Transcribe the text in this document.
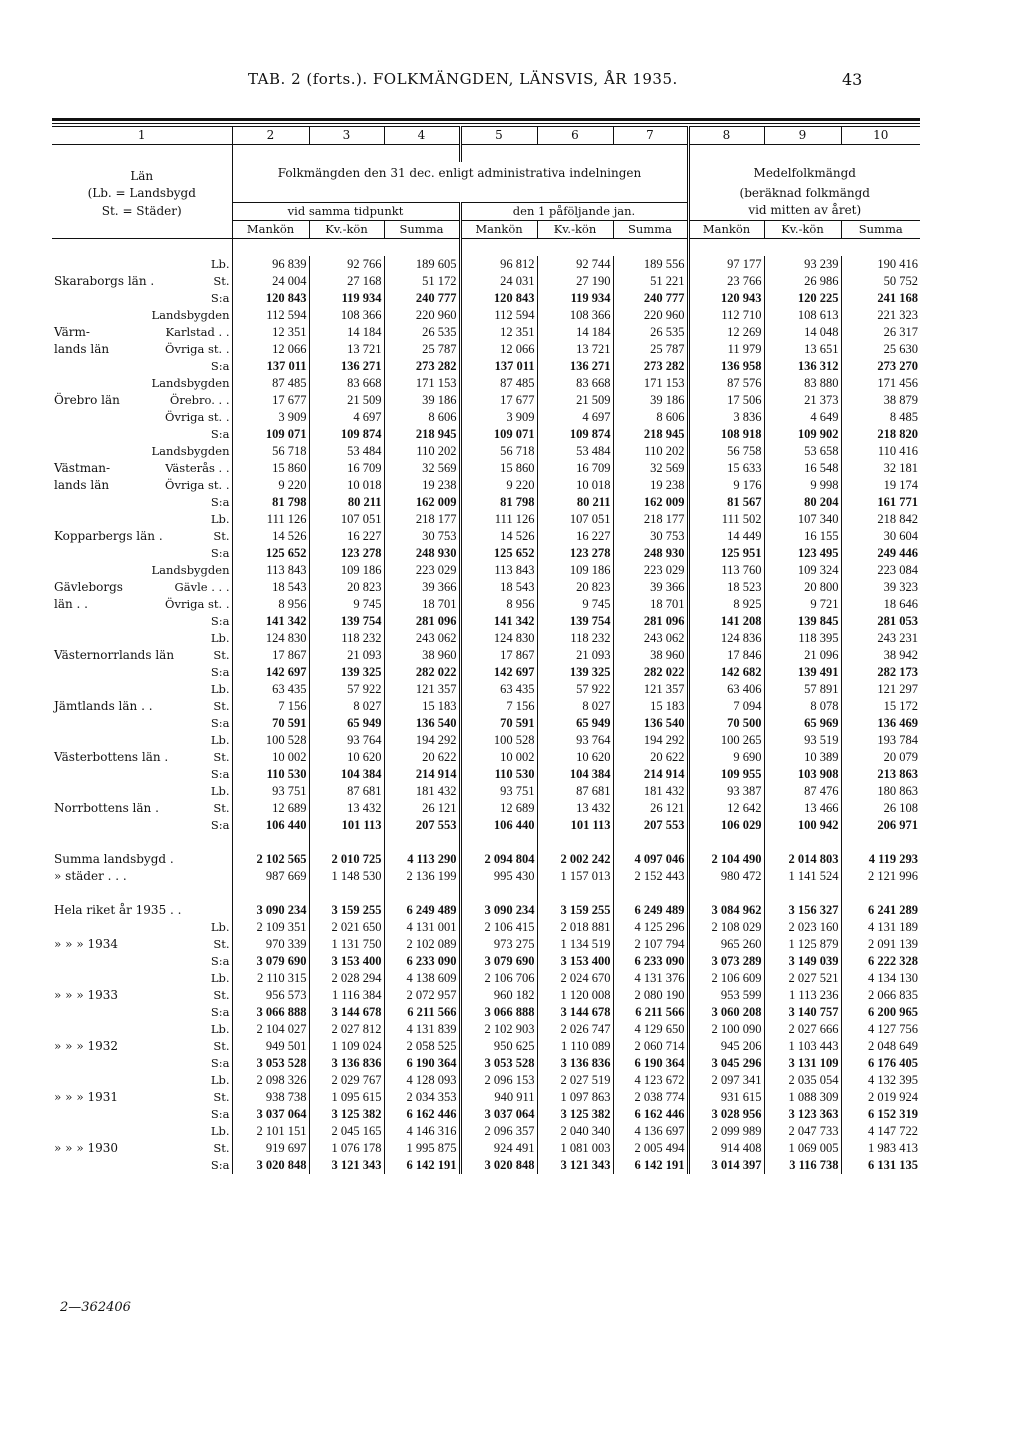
TAB. 2 (forts.). FOLKMÄNGDEN, LÄNSVIS, ÅR 1935.	43
1	2	3	4	5	6	7	8	9	10

Län	Folkmängden den 31 dec. enligt administrativa indelningen						Medelfolkmängd		
(Lb. = Landsbygd							(beräknad folkmängd		
St. = Städer)	vid samma tidpunkt			den 1 påföljande jan.			vid mitten av året)		
	Mankön	Kv.-kön	Summa	Mankön	Kv.-kön	Summa	Mankön	Kv.-kön	Summa

Lb.	96 839	92 766	189 605	96 812	92 744	189 556	97 177	93 239	190 416
Skaraborgs län . St.	24 004	27 168	51 172	24 031	27 190	51 221	23 766	26 986	50 752

S:a	120 843	119 934	240 777	120 843	119 934	240 777	120 943	120 225	241 168

Landsbygden	112 594	108 366	220 960	112 594	108 366	220 960	112 710	108 613	221 323
Värm- Karlstad . .	12 351	14 184	26 535	12 351	14 184	26 535	12 269	14 048	26 317
lands län Övriga st. .	12 066	13 721	25 787	12 066	13 721	25 787	11 979	13 651	25 630

S:a	137 011	136 271	273 282	137 011	136 271	273 282	136 958	136 312	273 270

Landsbygden	87 485	83 668	171 153	87 485	83 668	171 153	87 576	83 880	171 456
Örebro län Örebro. . .	17 677	21 509	39 186	17 677	21 509	39 186	17 506	21 373	38 879

Övriga st. .	3 909	4 697	8 606	3 909	4 697	8 606	3 836	4 649	8 485

S:a	109 071	109 874	218 945	109 071	109 874	218 945	108 918	109 902	218 820

Landsbygden	56 718	53 484	110 202	56 718	53 484	110 202	56 758	53 658	110 416
Västman- Västerås . .	15 860	16 709	32 569	15 860	16 709	32 569	15 633	16 548	32 181
lands län Övriga st. .	9 220	10 018	19 238	9 220	10 018	19 238	9 176	9 998	19 174

S:a	81 798	80 211	162 009	81 798	80 211	162 009	81 567	80 204	161 771

Lb.	111 126	107 051	218 177	111 126	107 051	218 177	111 502	107 340	218 842
Kopparbergs län . St.	14 526	16 227	30 753	14 526	16 227	30 753	14 449	16 155	30 604

S:a	125 652	123 278	248 930	125 652	123 278	248 930	125 951	123 495	249 446

Landsbygden	113 843	109 186	223 029	113 843	109 186	223 029	113 760	109 324	223 084
Gävleborgs Gävle . . .	18 543	20 823	39 366	18 543	20 823	39 366	18 523	20 800	39 323
län . . Övriga st. .	8 956	9 745	18 701	8 956	9 745	18 701	8 925	9 721	18 646

S:a	141 342	139 754	281 096	141 342	139 754	281 096	141 208	139 845	281 053

Lb.	124 830	118 232	243 062	124 830	118 232	243 062	124 836	118 395	243 231
Västernorrlands län St.	17 867	21 093	38 960	17 867	21 093	38 960	17 846	21 096	38 942

S:a	142 697	139 325	282 022	142 697	139 325	282 022	142 682	139 491	282 173

Lb.	63 435	57 922	121 357	63 435	57 922	121 357	63 406	57 891	121 297
Jämtlands län . . St.	7 156	8 027	15 183	7 156	8 027	15 183	7 094	8 078	15 172

S:a	70 591	65 949	136 540	70 591	65 949	136 540	70 500	65 969	136 469

Lb.	100 528	93 764	194 292	100 528	93 764	194 292	100 265	93 519	193 784
Västerbottens län . St.	10 002	10 620	20 622	10 002	10 620	20 622	9 690	10 389	20 079

S:a	110 530	104 384	214 914	110 530	104 384	214 914	109 955	103 908	213 863

Lb.	93 751	87 681	181 432	93 751	87 681	181 432	93 387	87 476	180 863
Norrbottens län . St.	12 689	13 432	26 121	12 689	13 432	26 121	12 642	13 466	26 108

S:a	106 440	101 113	207 553	106 440	101 113	207 553	106 029	100 942	206 971

Summa landsbygd .	2 102 565	2 010 725	4 113 290	2 094 804	2 002 242	4 097 046	2 104 490	2 014 803	4 119 293
» städer . . .	987 669	1 148 530	2 136 199	995 430	1 157 013	2 152 443	980 472	1 141 524	2 121 996

Hela riket år 1935 . .	3 090 234	3 159 255	6 249 489	3 090 234	3 159 255	6 249 489	3 084 962	3 156 327	6 241 289

Lb.	2 109 351	2 021 650	4 131 001	2 106 415	2 018 881	4 125 296	2 108 029	2 023 160	4 131 189
» » » 1934 St.	970 339	1 131 750	2 102 089	973 275	1 134 519	2 107 794	965 260	1 125 879	2 091 139

S:a	3 079 690	3 153 400	6 233 090	3 079 690	3 153 400	6 233 090	3 073 289	3 149 039	6 222 328

Lb.	2 110 315	2 028 294	4 138 609	2 106 706	2 024 670	4 131 376	2 106 609	2 027 521	4 134 130
» » » 1933 St.	956 573	1 116 384	2 072 957	960 182	1 120 008	2 080 190	953 599	1 113 236	2 066 835

S:a	3 066 888	3 144 678	6 211 566	3 066 888	3 144 678	6 211 566	3 060 208	3 140 757	6 200 965

Lb.	2 104 027	2 027 812	4 131 839	2 102 903	2 026 747	4 129 650	2 100 090	2 027 666	4 127 756
» » » 1932 St.	949 501	1 109 024	2 058 525	950 625	1 110 089	2 060 714	945 206	1 103 443	2 048 649

S:a	3 053 528	3 136 836	6 190 364	3 053 528	3 136 836	6 190 364	3 045 296	3 131 109	6 176 405

Lb.	2 098 326	2 029 767	4 128 093	2 096 153	2 027 519	4 123 672	2 097 341	2 035 054	4 132 395
» » » 1931 St.	938 738	1 095 615	2 034 353	940 911	1 097 863	2 038 774	931 615	1 088 309	2 019 924

S:a	3 037 064	3 125 382	6 162 446	3 037 064	3 125 382	6 162 446	3 028 956	3 123 363	6 152 319

Lb.	2 101 151	2 045 165	4 146 316	2 096 357	2 040 340	4 136 697	2 099 989	2 047 733	4 147 722
» » » 1930 St.	919 697	1 076 178	1 995 875	924 491	1 081 003	2 005 494	914 408	1 069 005	1 983 413

S:a	3 020 848	3 121 343	6 142 191	3 020 848	3 121 343	6 142 191	3 014 397	3 116 738	6 131 135
2—362406
